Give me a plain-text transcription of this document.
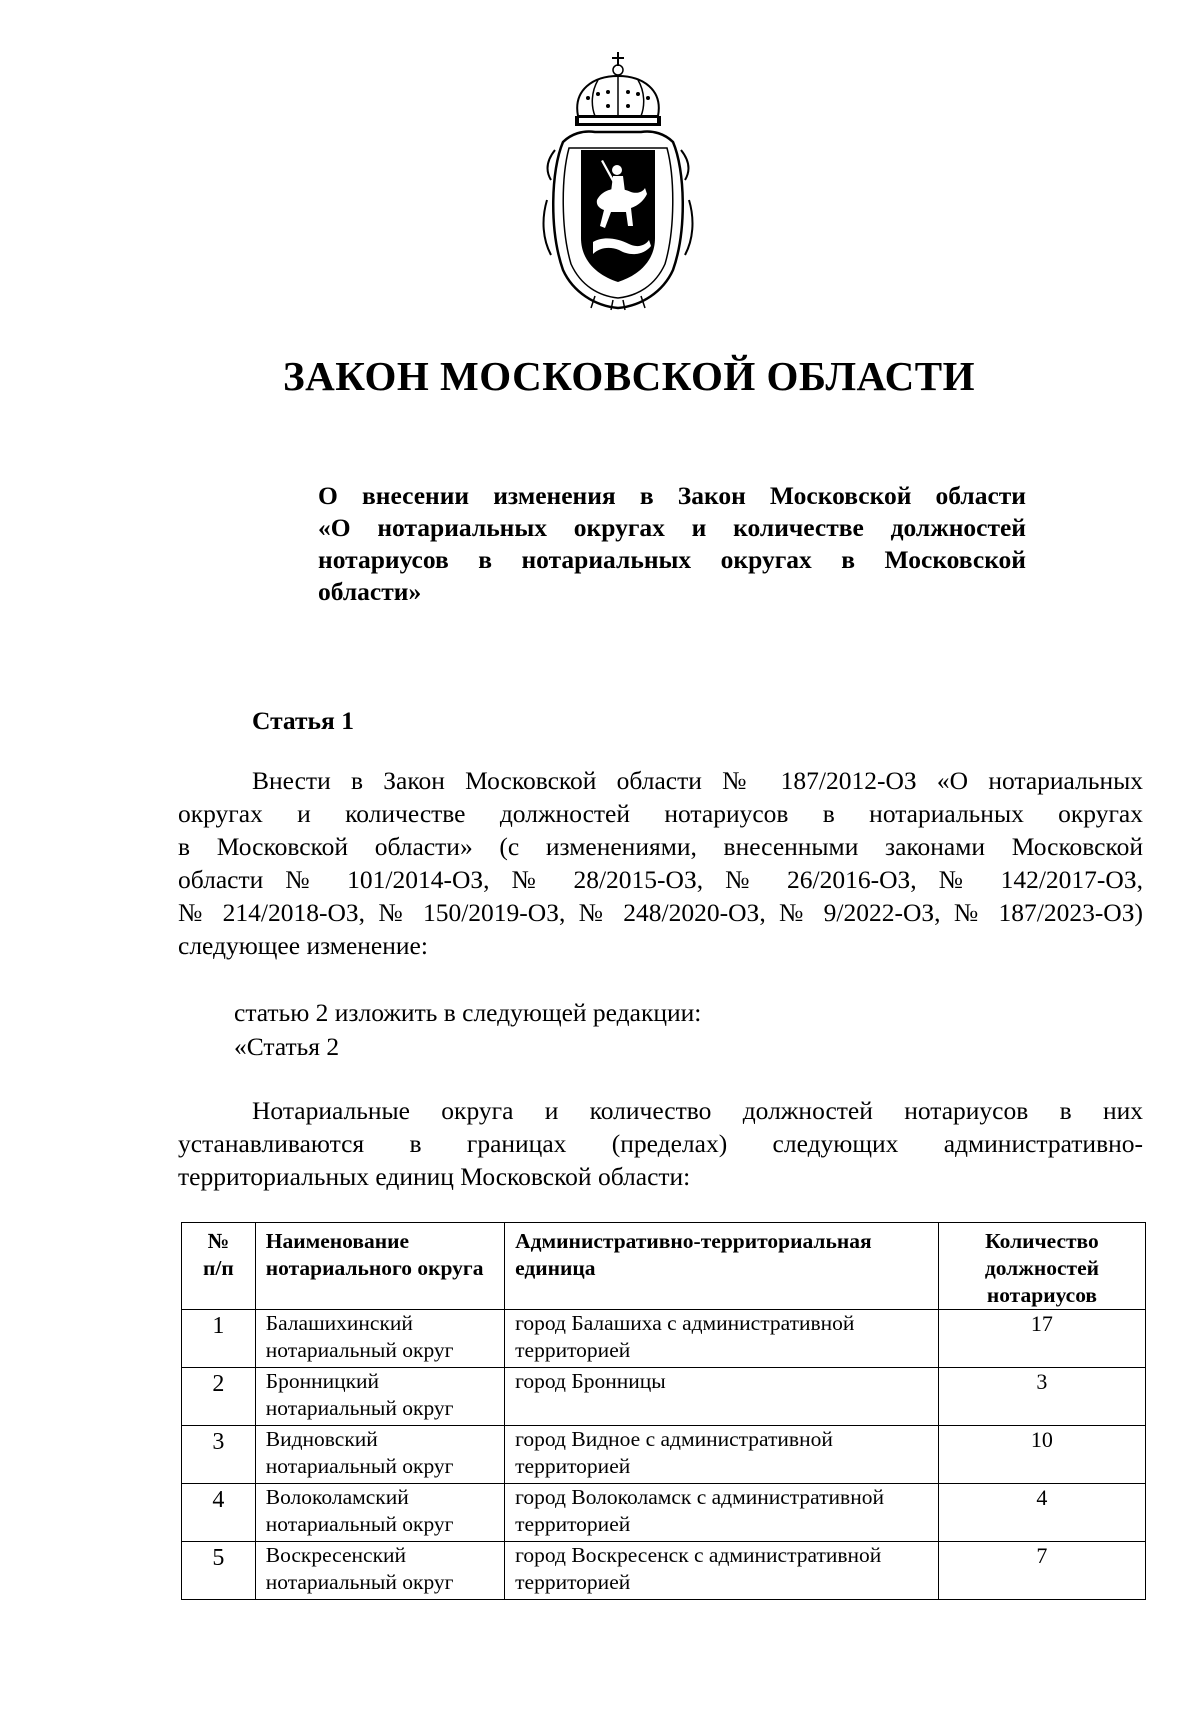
ЗАКОН МОСКОВСКОЙ ОБЛАСТИ
О внесении изменения в Закон Московской области
«О нотариальных округах и количестве должностей
нотариусов в нотариальных округах в Московской
области»
Статья 1
Внести в Закон Московской области № 187/2012-ОЗ «О нотариальных
округах и количестве должностей нотариусов в нотариальных округах
в Московской области» (с изменениями, внесенными законами Московской
области № 101/2014-ОЗ, № 28/2015-ОЗ, № 26/2016-ОЗ, № 142/2017-ОЗ,
№ 214/2018-ОЗ, № 150/2019-ОЗ, № 248/2020-ОЗ, № 9/2022-ОЗ, № 187/2023-ОЗ)
следующее изменение:
статью 2 изложить в следующей редакции:
«Статья 2
Нотариальные округа и количество должностей нотариусов в них
устанавливаются в границах (пределах) следующих административно-
территориальных единиц Московской области:
№
п/п	Наименование нотариального округа	Административно-территориальная единица	Количество должностей нотариусов
1	Балашихинский нотариальный округ	город Балашиха с административной территорией	17
2	Бронницкий нотариальный округ	город Бронницы	3
3	Видновский нотариальный округ	город Видное с административной территорией	10
4	Волоколамский нотариальный округ	город Волоколамск с административной территорией	4
5	Воскресенский нотариальный округ	город Воскресенск с административной территорией	7
